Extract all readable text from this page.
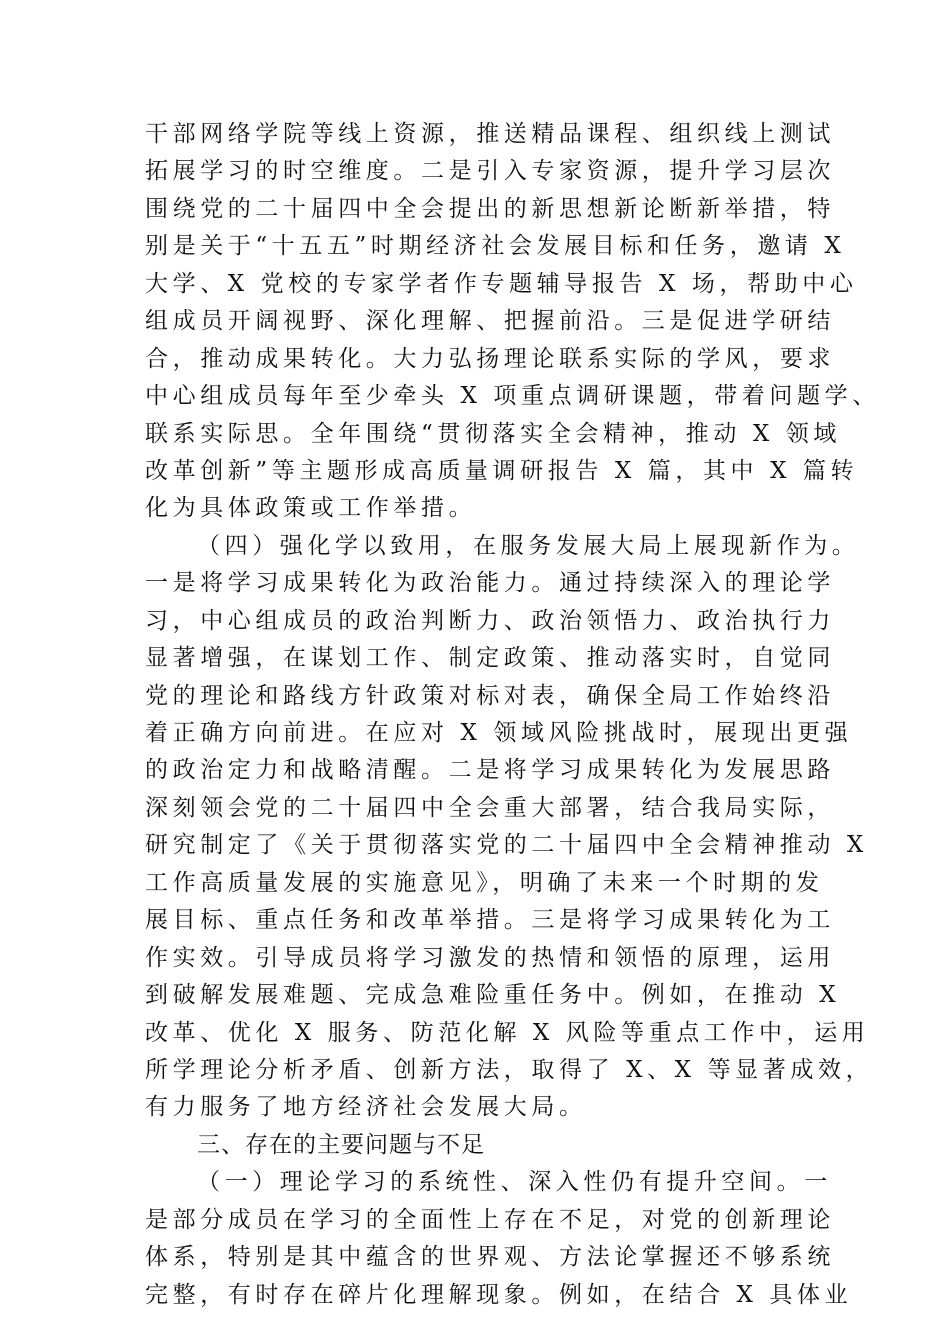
干部网络学院等线上资源，推送精品课程、组织线上测试
拓展学习的时空维度。二是引入专家资源，提升学习层次
围绕党的二十届四中全会提出的新思想新论断新举措，特
别是关于“十五五”时期经济社会发展目标和任务，邀请 X
大学、X 党校的专家学者作专题辅导报告 X 场，帮助中心
组成员开阔视野、深化理解、把握前沿。三是促进学研结
合，推动成果转化。大力弘扬理论联系实际的学风，要求
中心组成员每年至少牵头 X 项重点调研课题，带着问题学、
联系实际思。全年围绕“贯彻落实全会精神，推动 X 领域
改革创新”等主题形成高质量调研报告 X 篇，其中 X 篇转
化为具体政策或工作举措。
（四）强化学以致用，在服务发展大局上展现新作为。
一是将学习成果转化为政治能力。通过持续深入的理论学
习，中心组成员的政治判断力、政治领悟力、政治执行力
显著增强，在谋划工作、制定政策、推动落实时，自觉同
党的理论和路线方针政策对标对表，确保全局工作始终沿
着正确方向前进。在应对 X 领域风险挑战时，展现出更强
的政治定力和战略清醒。二是将学习成果转化为发展思路
深刻领会党的二十届四中全会重大部署，结合我局实际，
研究制定了《关于贯彻落实党的二十届四中全会精神推动 X
工作高质量发展的实施意见》，明确了未来一个时期的发
展目标、重点任务和改革举措。三是将学习成果转化为工
作实效。引导成员将学习激发的热情和领悟的原理，运用
到破解发展难题、完成急难险重任务中。例如，在推动 X
改革、优化 X 服务、防范化解 X 风险等重点工作中，运用
所学理论分析矛盾、创新方法，取得了 X、X 等显著成效，
有力服务了地方经济社会发展大局。
三、存在的主要问题与不足
（一）理论学习的系统性、深入性仍有提升空间。一
是部分成员在学习的全面性上存在不足，对党的创新理论
体系，特别是其中蕴含的世界观、方法论掌握还不够系统
完整，有时存在碎片化理解现象。例如，在结合 X 具体业
